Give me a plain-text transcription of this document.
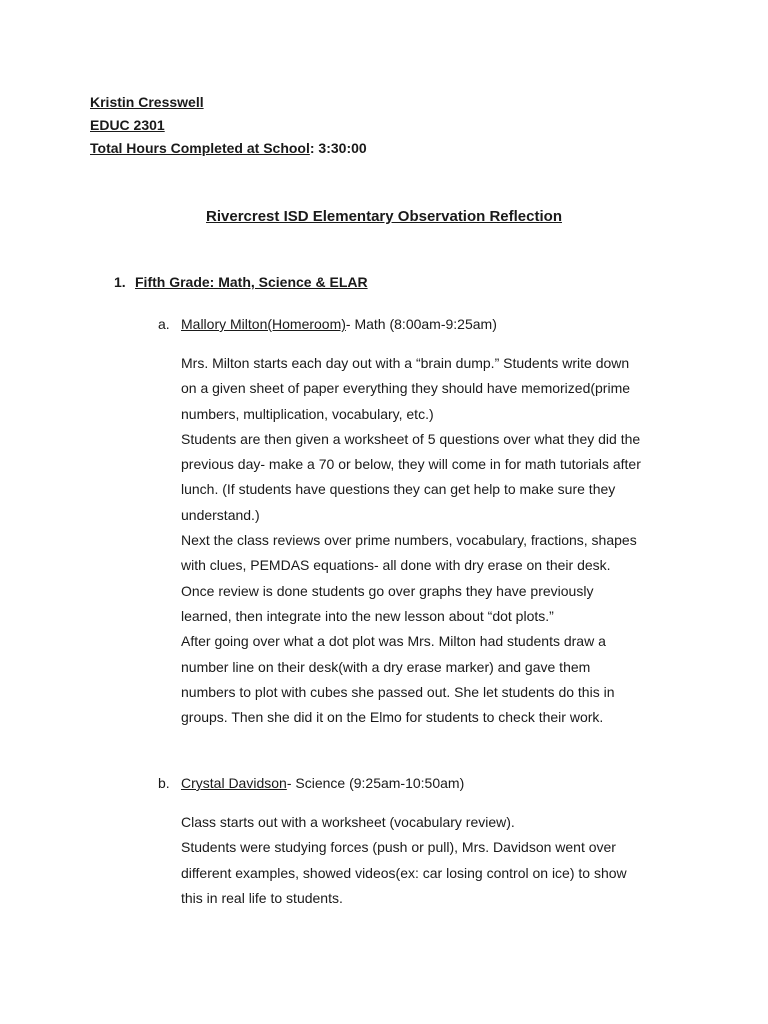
Kristin Cresswell
EDUC 2301
Total Hours Completed at School: 3:30:00
Rivercrest ISD Elementary Observation Reflection
1. Fifth Grade: Math, Science & ELAR
a. Mallory Milton(Homeroom)- Math (8:00am-9:25am)
Mrs. Milton starts each day out with a “brain dump.” Students write down
on a given sheet of paper everything they should have memorized(prime
numbers, multiplication, vocabulary, etc.)
Students are then given a worksheet of 5 questions over what they did the
previous day- make a 70 or below, they will come in for math tutorials after
lunch. (If students have questions they can get help to make sure they
understand.)
Next the class reviews over prime numbers, vocabulary, fractions, shapes
with clues, PEMDAS equations- all done with dry erase on their desk.
Once review is done students go over graphs they have previously
learned, then integrate into the new lesson about “dot plots.”
After going over what a dot plot was Mrs. Milton had students draw a
number line on their desk(with a dry erase marker) and gave them
numbers to plot with cubes she passed out. She let students do this in
groups. Then she did it on the Elmo for students to check their work.
b. Crystal Davidson- Science (9:25am-10:50am)
Class starts out with a worksheet (vocabulary review).
Students were studying forces (push or pull), Mrs. Davidson went over
different examples, showed videos(ex: car losing control on ice) to show
this in real life to students.
